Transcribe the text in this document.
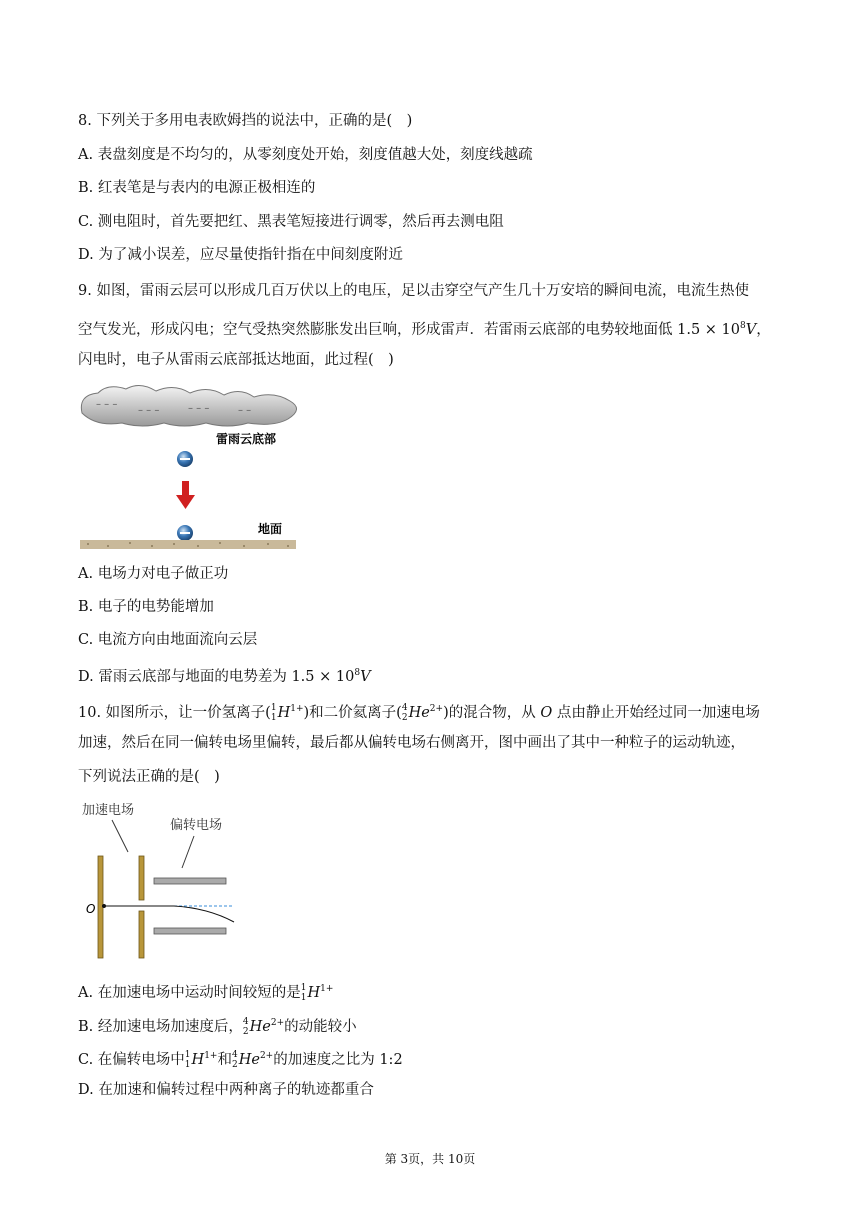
8. 下列关于多用电表欧姆挡的说法中，正确的是(　)
A. 表盘刻度是不均匀的，从零刻度处开始，刻度值越大处，刻度线越疏
B. 红表笔是与表内的电源正极相连的
C. 测电阻时，首先要把红、黑表笔短接进行调零，然后再去测电阻
D. 为了减小误差，应尽量使指针指在中间刻度附近
9. 如图，雷雨云层可以形成几百万伏以上的电压，足以击穿空气产生几十万安培的瞬间电流，电流生热使
空气发光，形成闪电；空气受热突然膨胀发出巨响，形成雷声．若雷雨云底部的电势较地面低 $1.5 \times 10^8V$，
闪电时，电子从雷雨云底部抵达地面，此过程(　)
– – –
– – –	– – –	– –
雷雨云底部
地面
A. 电场力对电子做正功
B. 电子的电势能增加
C. 电流方向由地面流向云层
D. 雷雨云底部与地面的电势差为 $1.5 \times 10^8V$
10. 如图所示，让一价氢离子( 1
1 $H^{1+}$)和二价氦离子( 4
2 $He^{2+}$)的混合物，从 O 点由静止开始经过同一加速电场
加速，然后在同一偏转电场里偏转，最后都从偏转电场右侧离开，图中画出了其中一种粒子的运动轨迹，
下列说法正确的是(　)
加速电场
偏转电场
O
A. 在加速电场中运动时间较短的是 1
1 $H^{1+}$
B. 经加速电场加速度后， 4
2 $He^{2+}$的动能较小
C. 在偏转电场中 1
1 $H^{1+}$和 4
2 $He^{2+}$的加速度之比为 1:2
D. 在加速和偏转过程中两种离子的轨迹都重合
第 3页，共 10页
